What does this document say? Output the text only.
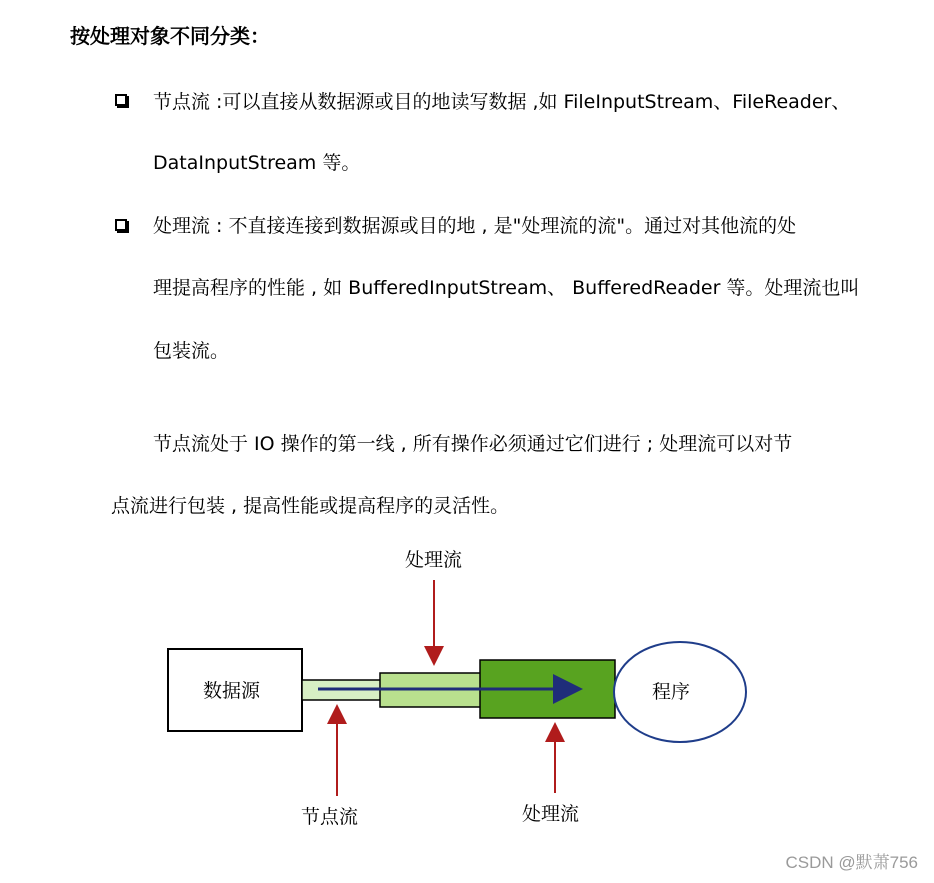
按处理对象不同分类：
节点流 :可以直接从数据源或目的地读写数据 ,如 FileInputStream、FileReader、
DataInputStream 等。
处理流 : 不直接连接到数据源或目的地 , 是"处理流的流"。通过对其他流的处
理提高程序的性能 , 如 BufferedInputStream、 BufferedReader 等。处理流也叫
包装流。
节点流处于 IO 操作的第一线 , 所有操作必须通过它们进行 ; 处理流可以对节
点流进行包装 , 提高性能或提高程序的灵活性。
数据源	程序
处理流
节点流	处理流
CSDN @默萧756
